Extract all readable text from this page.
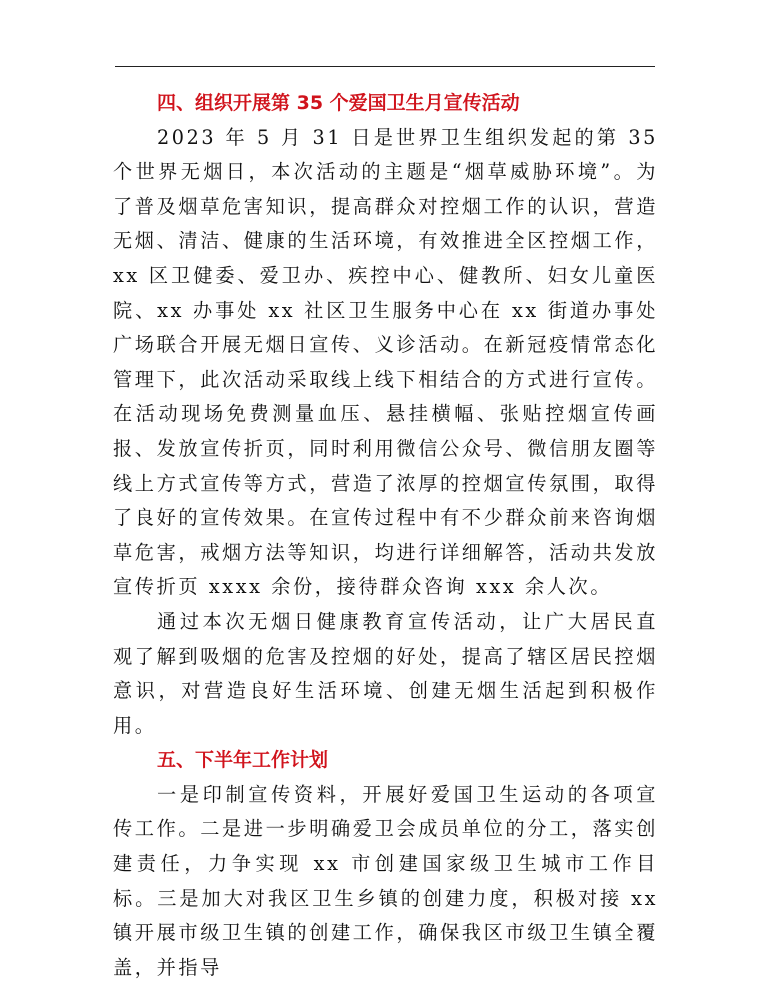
四、组织开展第 35 个爱国卫生月宣传活动

2023 年 5 月 31 日是世界卫生组织发起的第 35 个世界无烟日，本次活动的主题是“烟草威胁环境”。为了普及烟草危害知识，提高群众对控烟工作的认识，营造无烟、清洁、健康的生活环境，有效推进全区控烟工作，xx 区卫健委、爱卫办、疾控中心、健教所、妇女儿童医院、xx 办事处 xx 社区卫生服务中心在 xx 街道办事处广场联合开展无烟日宣传、义诊活动。在新冠疫情常态化管理下，此次活动采取线上线下相结合的方式进行宣传。在活动现场免费测量血压、悬挂横幅、张贴控烟宣传画报、发放宣传折页，同时利用微信公众号、微信朋友圈等线上方式宣传等方式，营造了浓厚的控烟宣传氛围，取得了良好的宣传效果。在宣传过程中有不少群众前来咨询烟草危害，戒烟方法等知识，均进行详细解答，活动共发放宣传折页 xxxx 余份，接待群众咨询 xxx 余人次。

通过本次无烟日健康教育宣传活动，让广大居民直观了解到吸烟的危害及控烟的好处，提高了辖区居民控烟意识，对营造良好生活环境、创建无烟生活起到积极作用。

五、下半年工作计划

一是印制宣传资料，开展好爱国卫生运动的各项宣传工作。二是进一步明确爱卫会成员单位的分工，落实创建责任，力争实现 xx 市创建国家级卫生城市工作目标。三是加大对我区卫生乡镇的创建力度，积极对接 xx 镇开展市级卫生镇的创建工作，确保我区市级卫生镇全覆盖，并指导
